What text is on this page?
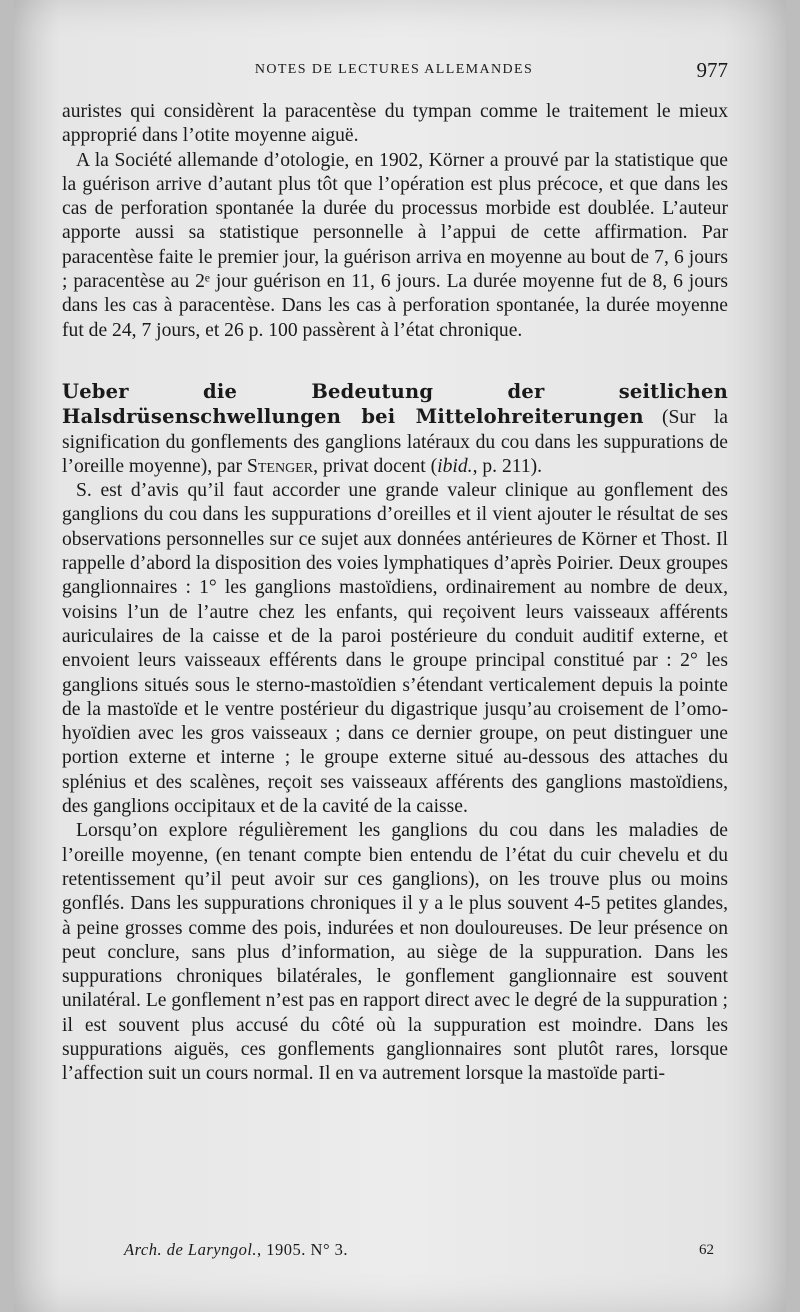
NOTES DE LECTURES ALLEMANDES	977

auristes qui considèrent la paracentèse du tympan comme le traitement le mieux approprié dans l’otite moyenne aiguë.

A la Société allemande d’otologie, en 1902, Körner a prouvé par la statistique que la guérison arrive d’autant plus tôt que l’opération est plus précoce, et que dans les cas de perforation spontanée la durée du processus morbide est doublée. L’auteur apporte aussi sa statistique personnelle à l’appui de cette affirmation. Par paracentèse faite le premier jour, la guérison arriva en moyenne au bout de 7, 6 jours ; paracentèse au 2ᵉ jour guérison en 11, 6 jours. La durée moyenne fut de 8, 6 jours dans les cas à paracentèse. Dans les cas à perforation spontanée, la durée moyenne fut de 24, 7 jours, et 26 p. 100 passèrent à l’état chronique.

Ueber die Bedeutung der seitlichen Halsdrüsenschwellungen bei Mittelohreiterungen (Sur la signification du gonflements des ganglions latéraux du cou dans les suppurations de l’oreille moyenne), par Stenger, privat docent (ibid., p. 211).

S. est d’avis qu’il faut accorder une grande valeur clinique au gonflement des ganglions du cou dans les suppurations d’oreilles et il vient ajouter le résultat de ses observations personnelles sur ce sujet aux données antérieures de Körner et Thost. Il rappelle d’abord la disposition des voies lymphatiques d’après Poirier. Deux groupes ganglionnaires : 1° les ganglions mastoïdiens, ordinairement au nombre de deux, voisins l’un de l’autre chez les enfants, qui reçoivent leurs vaisseaux afférents auriculaires de la caisse et de la paroi postérieure du conduit auditif externe, et envoient leurs vaisseaux efférents dans le groupe principal constitué par : 2° les ganglions situés sous le sterno-mastoïdien s’étendant verticalement depuis la pointe de la mastoïde et le ventre postérieur du digastrique jusqu’au croisement de l’omo-hyoïdien avec les gros vaisseaux ; dans ce dernier groupe, on peut distinguer une portion externe et interne ; le groupe externe situé au-dessous des attaches du splénius et des scalènes, reçoit ses vaisseaux afférents des ganglions mastoïdiens, des ganglions occipitaux et de la cavité de la caisse.

Lorsqu’on explore régulièrement les ganglions du cou dans les maladies de l’oreille moyenne, (en tenant compte bien entendu de l’état du cuir chevelu et du retentissement qu’il peut avoir sur ces ganglions), on les trouve plus ou moins gonflés. Dans les suppurations chroniques il y a le plus souvent 4-5 petites glandes, à peine grosses comme des pois, indurées et non douloureuses. De leur présence on peut conclure, sans plus d’information, au siège de la suppuration. Dans les suppurations chroniques bilatérales, le gonflement ganglionnaire est souvent unilatéral. Le gonflement n’est pas en rapport direct avec le degré de la suppuration ; il est souvent plus accusé du côté où la suppuration est moindre. Dans les suppurations aiguës, ces gonflements ganglionnaires sont plutôt rares, lorsque l’affection suit un cours normal. Il en va autrement lorsque la mastoïde parti-

Arch. de Laryngol., 1905. N° 3.	62
